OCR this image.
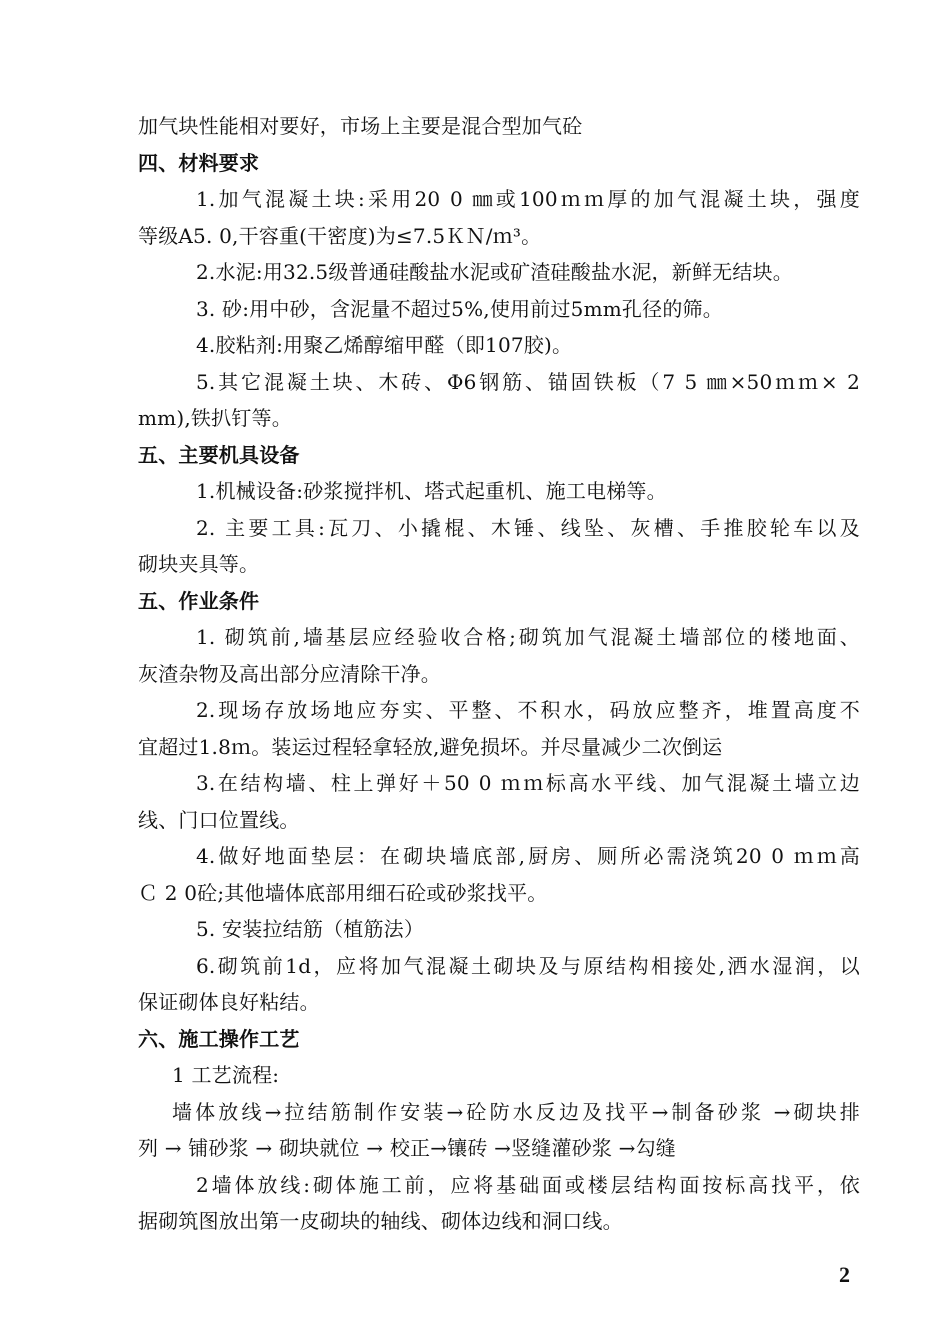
加气块性能相对要好，市场上主要是混合型加气砼
四、材料要求
1.加气混凝土块:采用20 0 ㎜或100ｍｍ厚的加气混凝土块，强度
等级A5. 0,干容重(干密度)为≤7.5ＫＮ/ｍ³。
2.水泥:用32.5级普通硅酸盐水泥或矿渣硅酸盐水泥，新鲜无结块。
3. 砂:用中砂，含泥量不超过5%,使用前过5mm孔径的筛。
4.胶粘剂:用聚乙烯醇缩甲醛（即107胶)。
5.其它混凝土块、木砖、Φ6钢筋、锚固铁板（7 5 ㎜×50ｍｍ× 2
mm),铁扒钉等。
五、主要机具设备
1.机械设备:砂浆搅拌机、塔式起重机、施工电梯等。
2. 主要工具:瓦刀、小撬棍、木锤、线坠、灰槽、手推胶轮车以及
砌块夹具等。
五、作业条件
1. 砌筑前,墙基层应经验收合格;砌筑加气混凝土墙部位的楼地面、
灰渣杂物及高出部分应清除干净。
2.现场存放场地应夯实、平整、不积水，码放应整齐，堆置高度不
宜超过1.8ｍ。装运过程轻拿轻放,避免损坏。并尽量减少二次倒运
3.在结构墙、柱上弹好＋50 0 ｍｍ标高水平线、加气混凝土墙立边
线、门口位置线。
4.做好地面垫层：在砌块墙底部,厨房、厕所必需浇筑20 0 ｍｍ高
Ｃ 2 0砼;其他墙体底部用细石砼或砂浆找平。
5. 安装拉结筋（植筋法）
6.砌筑前1d，应将加气混凝土砌块及与原结构相接处,洒水湿润，以
保证砌体良好粘结。
六、施工操作工艺
1 工艺流程:
墙体放线→拉结筋制作安装→砼防水反边及找平→制备砂浆 →砌块排
列 → 铺砂浆 → 砌块就位 → 校正→镶砖 →竖缝灌砂浆 →勾缝
2墙体放线:砌体施工前，应将基础面或楼层结构面按标高找平，依
据砌筑图放出第一皮砌块的轴线、砌体边线和洞口线。
2
